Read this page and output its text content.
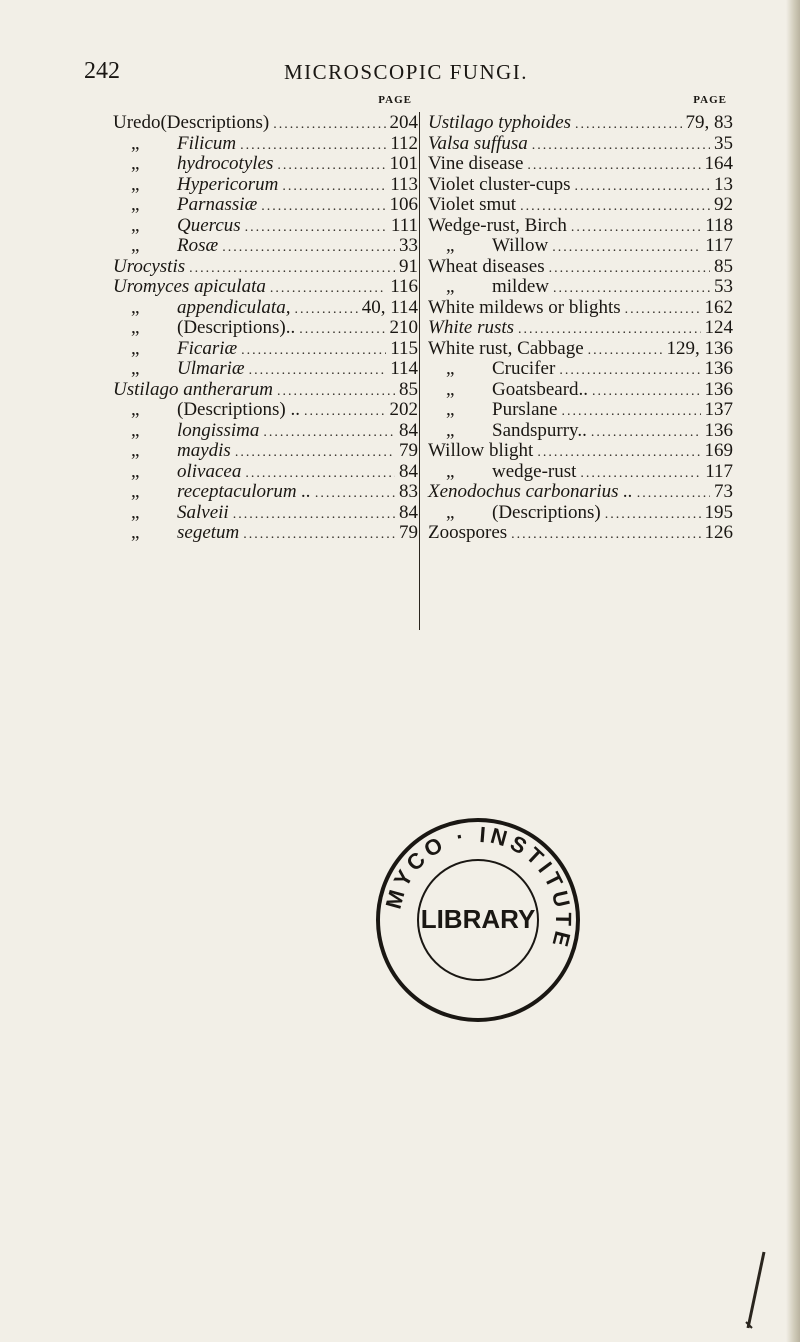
242	MICROSCOPIC FUNGI.
PAGE
Uredo (Descriptions) .....	204
„	Filicum .....	112
„	hydrocotyles .....	101
„	Hypericorum .....	113
„	Parnassiæ .....	106
„	Quercus .....	111
„	Rosæ .....	33
Urocystis .....	91
Uromyces apiculata .....	116
„	appendiculata, .....	40, 114
„	(Descriptions).. .....	210
„	Ficariæ .....	115
„	Ulmariæ .....	114
Ustilago antherarum .....	85
„	(Descriptions) .. .....	202
„	longissima .....	84
„	maydis .....	79
„	olivacea .....	84
„	receptaculorum .. .....	83
„	Salveii .....	84
„	segetum .....	79
PAGE
Ustilago typhoides .....	79, 83
Valsa suffusa .....	35
Vine disease .....	164
Violet cluster-cups .....	13
Violet smut .....	92
Wedge-rust, Birch .....	118
„	Willow .....	117
Wheat diseases .....	85
„	mildew .....	53
White mildews or blights .....	162
White rusts .....	124
White rust, Cabbage .....	129, 136
„	Crucifer .....	136
„	Goatsbeard.. .....	136
„	Purslane .....	137
„	Sandspurry.. .....	136
Willow blight .....	169
„	wedge-rust .....	117
Xenodochus carbonarius .. .....	73
„	(Descriptions) .....	195
Zoospores .....	126
MYCO · INSTITUTE
LIBRARY
